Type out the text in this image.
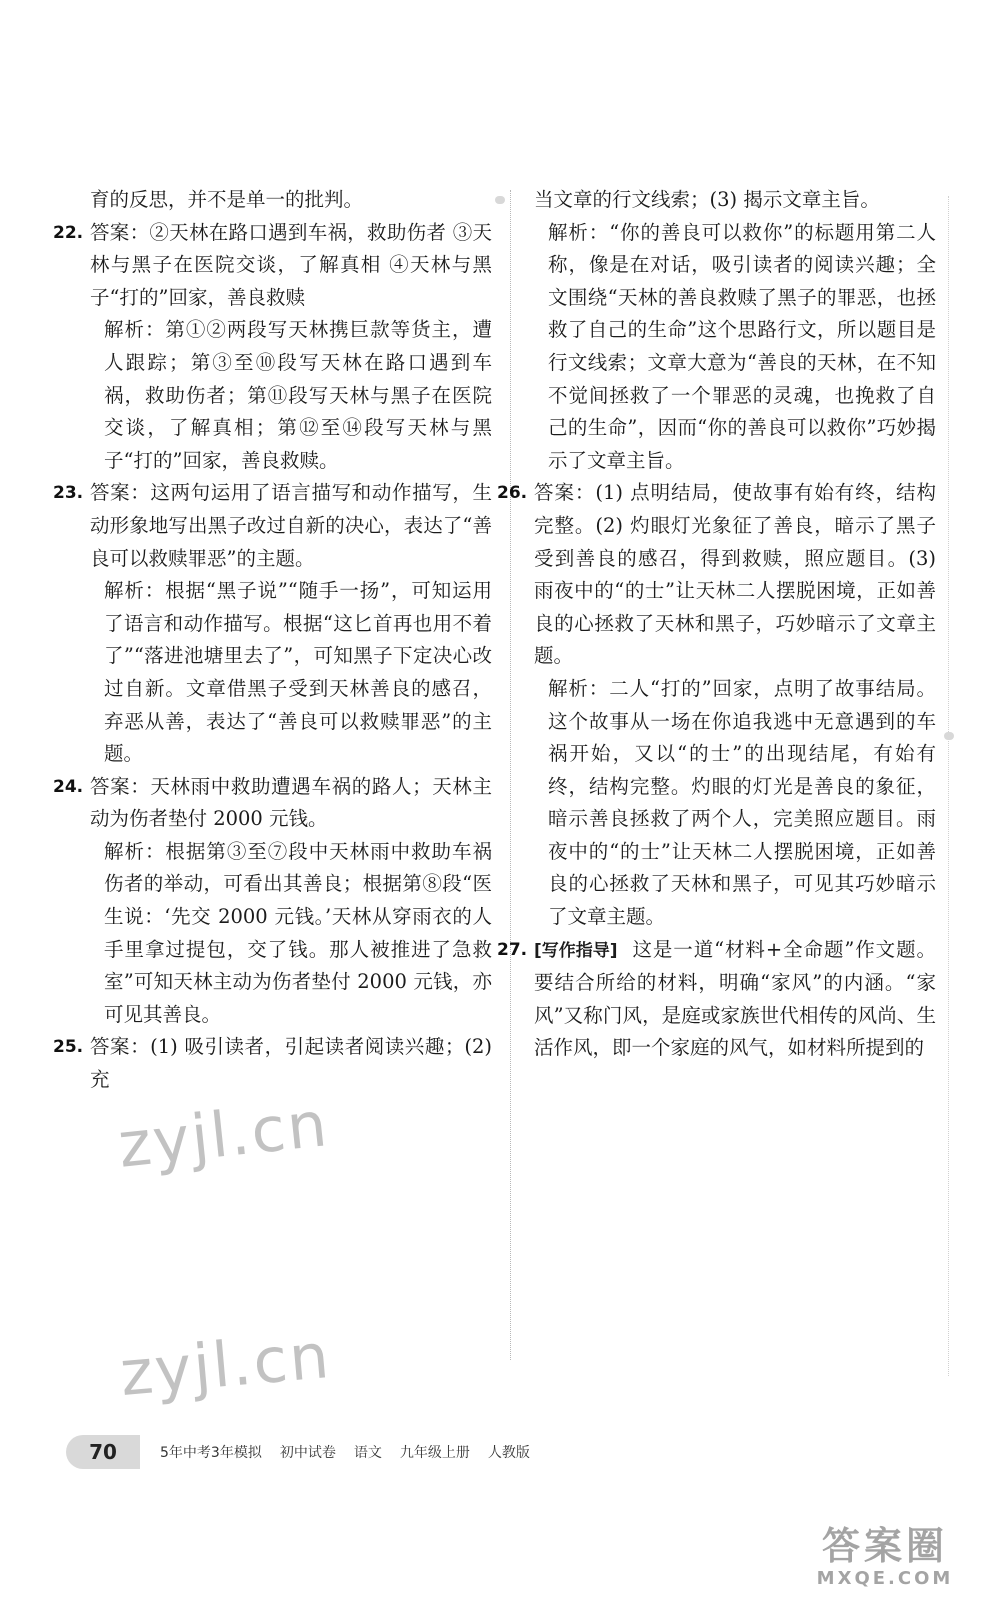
育的反思，并不是单一的批判。

22. 答案：②天林在路口遇到车祸，救助伤者 ③天林与黑子在医院交谈，了解真相 ④天林与黑子“打的”回家，善良救赎

解析：第①②两段写天林携巨款等货主，遭人跟踪；第③至⑩段写天林在路口遇到车祸，救助伤者；第⑪段写天林与黑子在医院交谈，了解真相；第⑫至⑭段写天林与黑子“打的”回家，善良救赎。

23. 答案：这两句运用了语言描写和动作描写，生动形象地写出黑子改过自新的决心，表达了“善良可以救赎罪恶”的主题。

解析：根据“黑子说”“随手一扬”，可知运用了语言和动作描写。根据“这匕首再也用不着了”“落进池塘里去了”，可知黑子下定决心改过自新。文章借黑子受到天林善良的感召，弃恶从善，表达了“善良可以救赎罪恶”的主题。

24. 答案：天林雨中救助遭遇车祸的路人；天林主动为伤者垫付 2000 元钱。

解析：根据第③至⑦段中天林雨中救助车祸伤者的举动，可看出其善良；根据第⑧段“医生说：‘先交 2000 元钱。’天林从穿雨衣的人手里拿过提包，交了钱。那人被推进了急救室”可知天林主动为伤者垫付 2000 元钱，亦可见其善良。

25. 答案：(1) 吸引读者，引起读者阅读兴趣；(2) 充

当文章的行文线索；(3) 揭示文章主旨。

解析：“你的善良可以救你”的标题用第二人称，像是在对话，吸引读者的阅读兴趣；全文围绕“天林的善良救赎了黑子的罪恶，也拯救了自己的生命”这个思路行文，所以题目是行文线索；文章大意为“善良的天林，在不知不觉间拯救了一个罪恶的灵魂，也挽救了自己的生命”，因而“你的善良可以救你”巧妙揭示了文章主旨。

26. 答案：(1) 点明结局，使故事有始有终，结构完整。(2) 灼眼灯光象征了善良，暗示了黑子受到善良的感召，得到救赎，照应题目。(3) 雨夜中的“的士”让天林二人摆脱困境，正如善良的心拯救了天林和黑子，巧妙暗示了文章主题。

解析：二人“打的”回家，点明了故事结局。这个故事从一场在你追我逃中无意遇到的车祸开始，又以“的士”的出现结尾，有始有终，结构完整。灼眼的灯光是善良的象征，暗示善良拯救了两个人，完美照应题目。雨夜中的“的士”让天林二人摆脱困境，正如善良的心拯救了天林和黑子，可见其巧妙暗示了文章主题。

27. [写作指导] 这是一道“材料+全命题”作文题。要结合所给的材料，明确“家风”的内涵。“家风”又称门风，是庭或家族世代相传的风尚、生活作风，即一个家庭的风气，如材料所提到的

zyjl.cn
zyjl.cn
70	5年中考3年模拟 初中试卷 语文 九年级上册 人教版
答案圈
MXQE.COM
